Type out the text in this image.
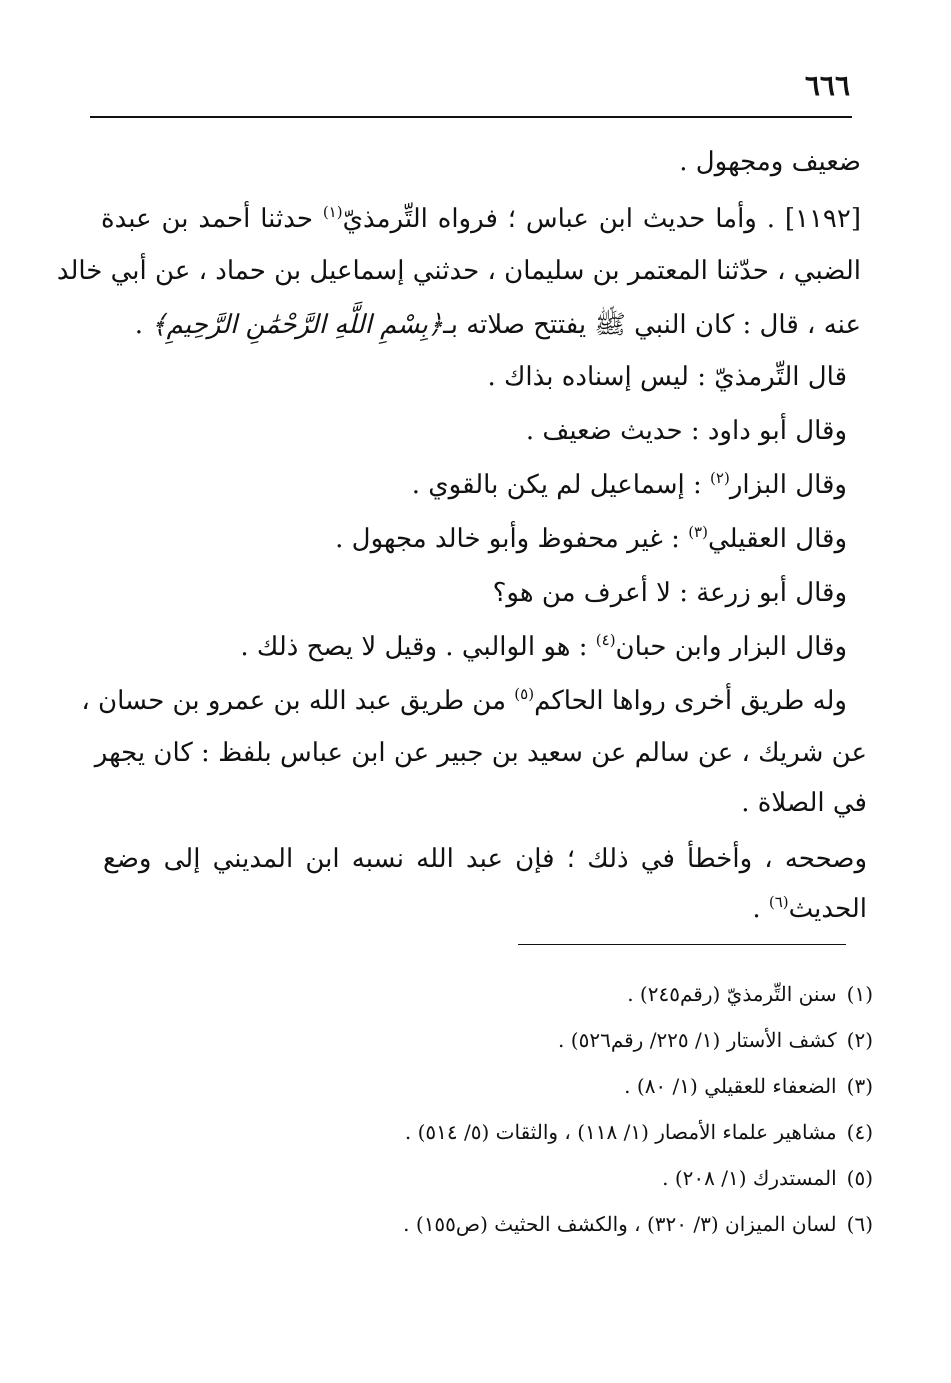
٦٦٦
ضعيف ومجهول .
[١١٩٢] . وأما حديث ابن عباس ؛ فرواه التِّرمذيّ$^{(١)}$ حدثنا أحمد بن عبدة
الضبي ، حدّثنا المعتمر بن سليمان ، حدثني إسماعيل بن حماد ، عن أبي خالد
عنه ، قال : كان النبي ﷺ يفتتح صلاته بـ﴿بِسْمِ اللَّهِ الرَّحْمَٰنِ الرَّحِيمِ﴾ .
قال التِّرمذيّ : ليس إسناده بذاك .
وقال أبو داود : حديث ضعيف .
وقال البزار$^{(٢)}$ : إسماعيل لم يكن بالقوي .
وقال العقيلي$^{(٣)}$ : غير محفوظ وأبو خالد مجهول .
وقال أبو زرعة : لا أعرف من هو؟
وقال البزار وابن حبان$^{(٤)}$ : هو الوالبي . وقيل لا يصح ذلك .
وله طريق أخرى رواها الحاكم$^{(٥)}$ من طريق عبد الله بن عمرو بن حسان ،
عن شريك ، عن سالم عن سعيد بن جبير عن ابن عباس بلفظ : كان يجهر
في الصلاة .
وصححه ، وأخطأ في ذلك ؛ فإن عبد الله نسبه ابن المديني إلى وضع
الحديث$^{(٦)}$ .
(١)سنن التِّرمذيّ (رقم٢٤٥) .
(٢)كشف الأستار (١/ ٢٢٥/ رقم٥٢٦) .
(٣)الضعفاء للعقيلي (١/ ٨٠) .
(٤)مشاهير علماء الأمصار (١/ ١١٨) ، والثقات (٥/ ٥١٤) .
(٥)المستدرك (١/ ٢٠٨) .
(٦)لسان الميزان (٣/ ٣٢٠) ، والكشف الحثيث (ص١٥٥) .
